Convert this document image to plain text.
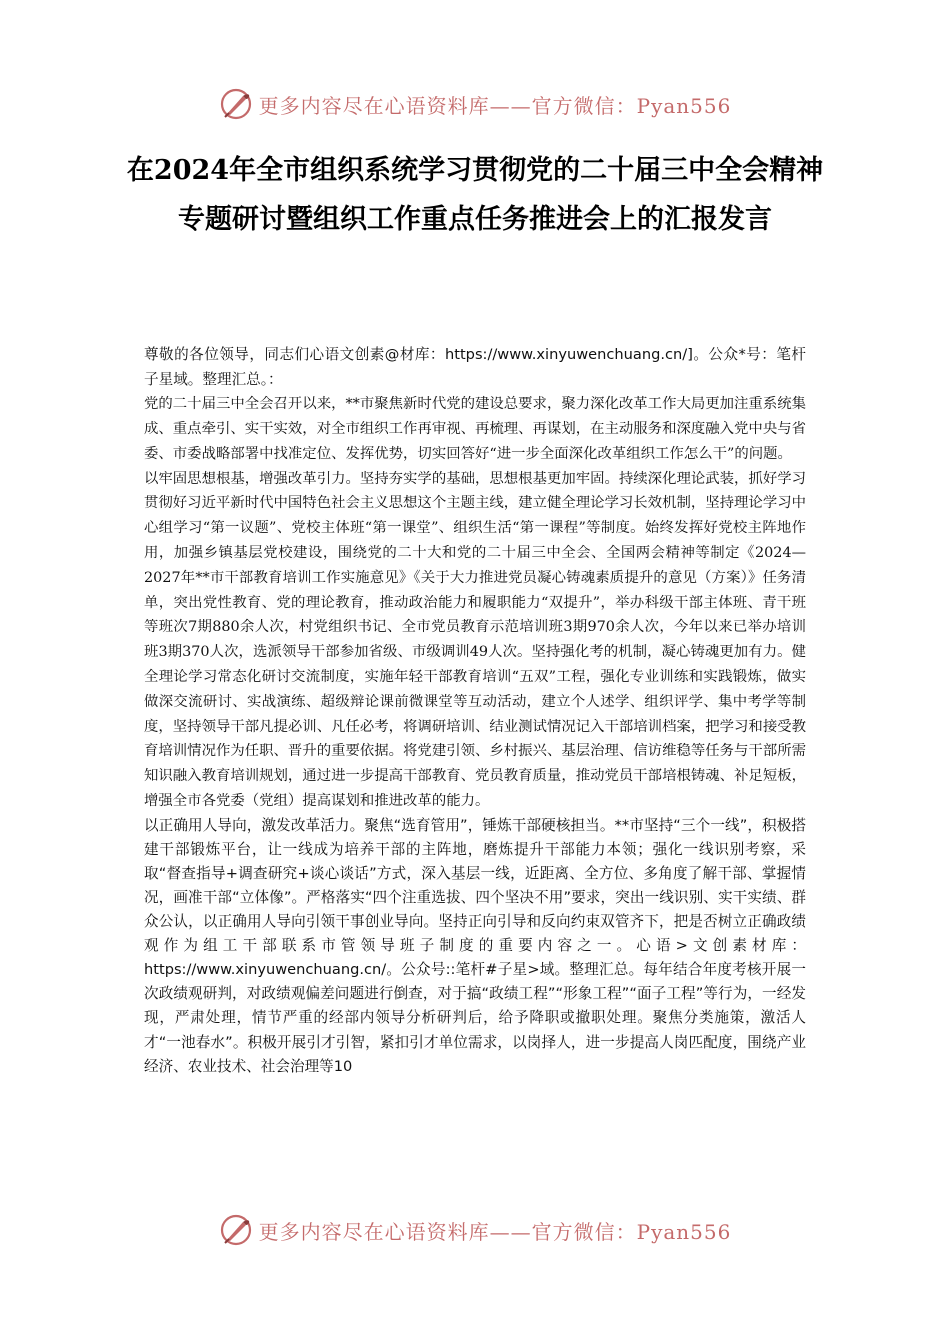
更多内容尽在心语资料库——官方微信：Pyan556
在2024年全市组织系统学习贯彻党的二十届三中全会精神专题研讨暨组织工作重点任务推进会上的汇报发言

尊敬的各位领导，同志们心语文创素@材库：https://www.xinyuwenchuang.cn/]。公众*号：笔杆子星域。整理汇总。：

党的二十届三中全会召开以来，**市聚焦新时代党的建设总要求，聚力深化改革工作大局更加注重系统集成、重点牵引、实干实效，对全市组织工作再审视、再梳理、再谋划，在主动服务和深度融入党中央与省委、市委战略部署中找准定位、发挥优势，切实回答好“进一步全面深化改革组织工作怎么干”的问题。

以牢固思想根基，增强改革引力。坚持夯实学的基础，思想根基更加牢固。持续深化理论武装，抓好学习贯彻好习近平新时代中国特色社会主义思想这个主题主线，建立健全理论学习长效机制，坚持理论学习中心组学习“第一议题”、党校主体班“第一课堂”、组织生活“第一课程”等制度。始终发挥好党校主阵地作用，加强乡镇基层党校建设，围绕党的二十大和党的二十届三中全会、全国两会精神等制定《2024—2027年**市干部教育培训工作实施意见》《关于大力推进党员凝心铸魂素质提升的意见（方案）》任务清单，突出党性教育、党的理论教育，推动政治能力和履职能力“双提升”，举办科级干部主体班、青干班等班次7期880余人次，村党组织书记、全市党员教育示范培训班3期970余人次，今年以来已举办培训班3期370人次，选派领导干部参加省级、市级调训49人次。坚持强化考的机制，凝心铸魂更加有力。健全理论学习常态化研讨交流制度，实施年轻干部教育培训“五双”工程，强化专业训练和实践锻炼，做实做深交流研讨、实战演练、超级辩论课前微课堂等互动活动，建立个人述学、组织评学、集中考学等制度，坚持领导干部凡提必训、凡任必考，将调研培训、结业测试情况记入干部培训档案，把学习和接受教育培训情况作为任职、晋升的重要依据。将党建引领、乡村振兴、基层治理、信访维稳等任务与干部所需知识融入教育培训规划，通过进一步提高干部教育、党员教育质量，推动党员干部培根铸魂、补足短板，增强全市各党委（党组）提高谋划和推进改革的能力。

以正确用人导向，激发改革活力。聚焦“选育管用”，锤炼干部硬核担当。**市坚持“三个一线”，积极搭建干部锻炼平台，让一线成为培养干部的主阵地，磨炼提升干部能力本领；强化一线识别考察，采取“督查指导+调查研究+谈心谈话”方式，深入基层一线，近距离、全方位、多角度了解干部、掌握情况，画准干部“立体像”。严格落实“四个注重选拔、四个坚决不用”要求，突出一线识别、实干实绩、群众公认，以正确用人导向引领干事创业导向。坚持正向引导和反向约束双管齐下，把是否树立正确政绩观作为组工干部联系市管领导班子制度的重要内容之一。心语>文创素材库：https://www.xinyuwenchuang.cn/。公众号::笔杆#子星>域。整理汇总。每年结合年度考核开展一次政绩观研判，对政绩观偏差问题进行倒查，对于搞“政绩工程”“形象工程”“面子工程”等行为，一经发现，严肃处理，情节严重的经部内领导分析研判后，给予降职或撤职处理。聚焦分类施策，激活人才“一池春水”。积极开展引才引智，紧扣引才单位需求，以岗择人，进一步提高人岗匹配度，围绕产业经济、农业技术、社会治理等10

更多内容尽在心语资料库——官方微信：Pyan556
